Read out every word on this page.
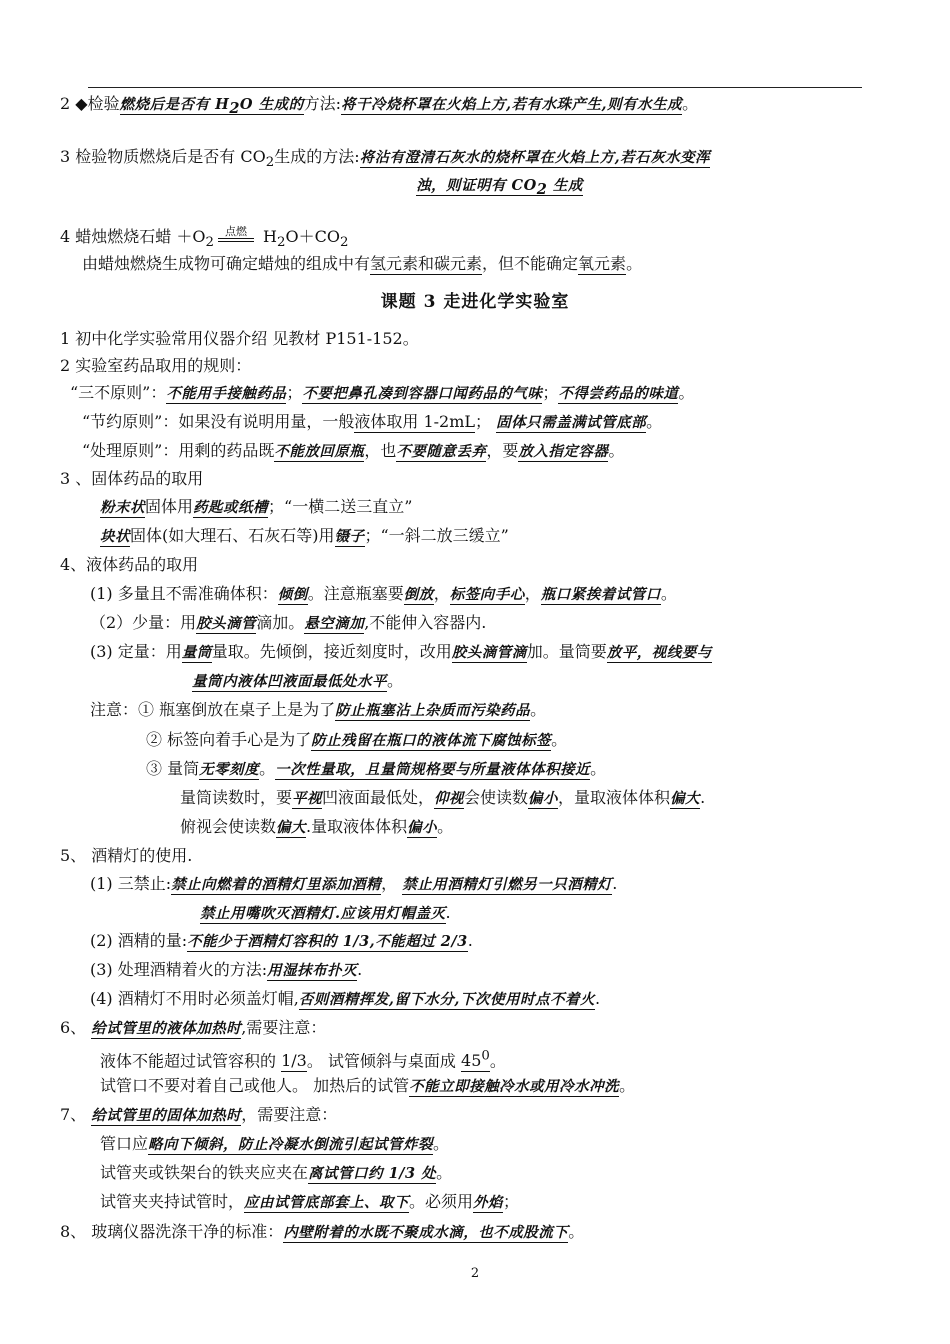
2 ◆检验燃烧后是否有 $H_2O$ 生成的方法:将干冷烧杯罩在火焰上方,若有水珠产生,则有水生成。
3 检验物质燃烧后是否有 $CO_2$生成的方法:将沾有澄清石灰水的烧杯罩在火焰上方,若石灰水变浑
浊，则证明有 $CO_2$ 生成
4 蜡烛燃烧石蜡 $+O_2$
点燃 $H_2O+CO_2$
由蜡烛燃烧生成物可确定蜡烛的组成中有氢元素和碳元素，但不能确定氧元素。
课题 3 走进化学实验室
1 初中化学实验常用仪器介绍 见教材 P151-152。
2 实验室药品取用的规则：
“三不原则”：不能用手接触药品；不要把鼻孔凑到容器口闻药品的气味；不得尝药品的味道。
“节约原则”：如果没有说明用量，一般液体取用 1-2mL； 固体只需盖满试管底部。
“处理原则”：用剩的药品既不能放回原瓶，也不要随意丢弃，要放入指定容器。
3 、固体药品的取用
粉末状固体用药匙或纸槽；“一横二送三直立”
块状固体(如大理石、石灰石等)用镊子；“一斜二放三缓立”
4、液体药品的取用
(1) 多量且不需准确体积：倾倒。注意瓶塞要倒放，标签向手心，瓶口紧挨着试管口。
（2）少量：用胶头滴管滴加。悬空滴加,不能伸入容器内.
(3) 定量：用量筒量取。先倾倒，接近刻度时，改用胶头滴管滴加。量筒要放平，视线要与
量筒内液体凹液面最低处水平。
注意：① 瓶塞倒放在桌子上是为了防止瓶塞沾上杂质而污染药品。
② 标签向着手心是为了防止残留在瓶口的液体流下腐蚀标签。
③ 量筒无零刻度。一次性量取，且量筒规格要与所量液体体积接近。
量筒读数时，要平视凹液面最低处，仰视会使读数偏小，量取液体体积偏大.
俯视会使读数偏大.量取液体体积偏小。
5、 酒精灯的使用.
(1) 三禁止:禁止向燃着的酒精灯里添加酒精， 禁止用酒精灯引燃另一只酒精灯.
禁止用嘴吹灭酒精灯.应该用灯帽盖灭.
(2) 酒精的量:不能少于酒精灯容积的 1/3,不能超过 2/3.
(3) 处理酒精着火的方法:用湿抹布扑灭.
(4) 酒精灯不用时必须盖灯帽,否则酒精挥发,留下水分,下次使用时点不着火.
6、 给试管里的液体加热时,需要注意：
液体不能超过试管容积的 1/3。 试管倾斜与桌面成 $45^0$。
试管口不要对着自己或他人。 加热后的试管不能立即接触冷水或用冷水冲洗。
7、 给试管里的固体加热时，需要注意：
管口应略向下倾斜，防止冷凝水倒流引起试管炸裂。
试管夹或铁架台的铁夹应夹在离试管口约 1/3 处。
试管夹夹持试管时，应由试管底部套上、取下。必须用外焰；
8、 玻璃仪器洗涤干净的标准：内壁附着的水既不聚成水滴，也不成股流下。
2
